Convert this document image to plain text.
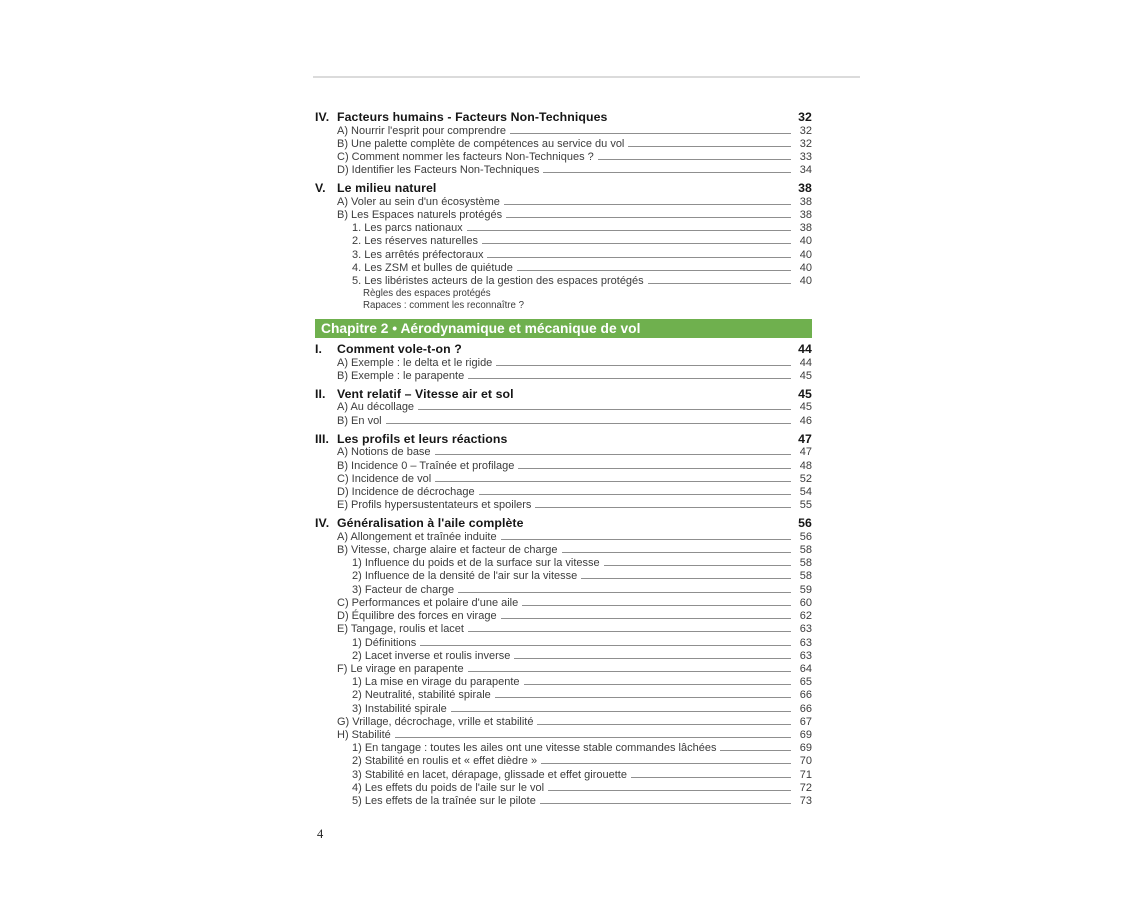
IV. Facteurs humains - Facteurs Non-Techniques	32
A) Nourrir l'esprit pour comprendre	32
B) Une palette complète de compétences au service du vol	32
C) Comment nommer les facteurs Non-Techniques ?	33
D) Identifier les Facteurs Non-Techniques	34
V. Le milieu naturel	38
A) Voler au sein d'un écosystème	38
B) Les Espaces naturels protégés	38
1. Les parcs nationaux	38
2. Les réserves naturelles	40
3. Les arrêtés préfectoraux	40
4. Les ZSM et bulles de quiétude	40
5. Les libéristes acteurs de la gestion des espaces protégés	40
Règles des espaces protégés
Rapaces : comment les reconnaître ?
Chapitre 2 • Aérodynamique et mécanique de vol
I.	Comment vole-t-on ?	44
A) Exemple : le delta et le rigide	44
B) Exemple : le parapente	45
II. Vent relatif – Vitesse air et sol	45
A) Au décollage	45
B) En vol	46
III. Les profils et leurs réactions	47
A) Notions de base	47
B) Incidence 0 – Traînée et profilage	48
C) Incidence de vol	52
D) Incidence de décrochage	54
E) Profils hypersustentateurs et spoilers	55
IV. Généralisation à l'aile complète	56
A) Allongement et traînée induite	56
B) Vitesse, charge alaire et facteur de charge	58
1) Influence du poids et de la surface sur la vitesse	58
2) Influence de la densité de l'air sur la vitesse	58
3) Facteur de charge	59
C) Performances et polaire d'une aile	60
D) Équilibre des forces en virage	62
E) Tangage, roulis et lacet	63
1) Définitions	63
2) Lacet inverse et roulis inverse	63
F) Le virage en parapente	64
1) La mise en virage du parapente	65
2) Neutralité, stabilité spirale	66
3) Instabilité spirale	66
G) Vrillage, décrochage, vrille et stabilité	67
H) Stabilité	69
1) En tangage : toutes les ailes ont une vitesse stable commandes lâchées	69
2) Stabilité en roulis et « effet dièdre »	70
3) Stabilité en lacet, dérapage, glissade et effet girouette	71
4) Les effets du poids de l'aile sur le vol	72
5) Les effets de la traînée sur le pilote	73
4
